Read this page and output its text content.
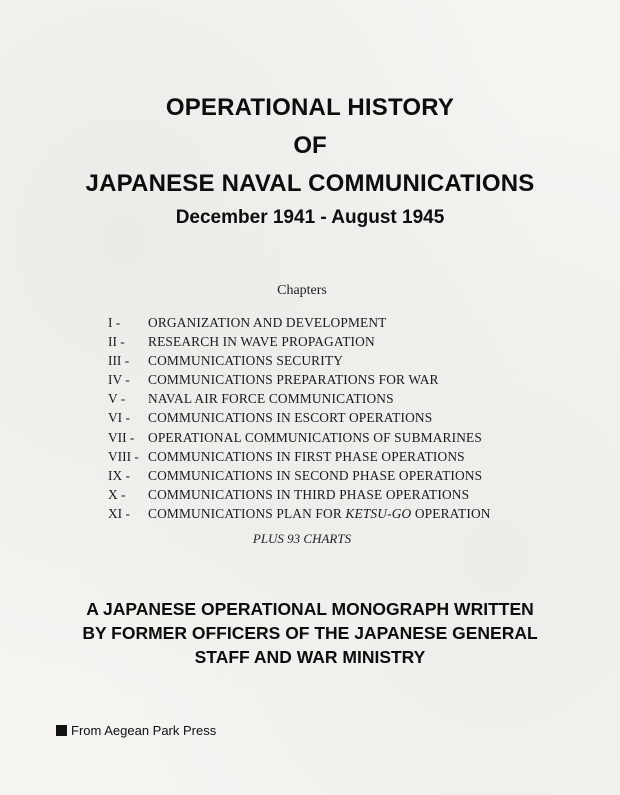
OPERATIONAL HISTORY
OF
JAPANESE NAVAL COMMUNICATIONS
December 1941 - August 1945
Chapters
I -	ORGANIZATION AND DEVELOPMENT
II -	RESEARCH IN WAVE PROPAGATION
III -	COMMUNICATIONS SECURITY
IV -	COMMUNICATIONS PREPARATIONS FOR WAR
V -	NAVAL AIR FORCE COMMUNICATIONS
VI -	COMMUNICATIONS IN ESCORT OPERATIONS
VII -	OPERATIONAL COMMUNICATIONS OF SUBMARINES
VIII - COMMUNICATIONS IN FIRST PHASE OPERATIONS
IX -	COMMUNICATIONS IN SECOND PHASE OPERATIONS
X -	COMMUNICATIONS IN THIRD PHASE OPERATIONS
XI -	COMMUNICATIONS PLAN FOR KETSU-GO OPERATION
PLUS 93 CHARTS
A JAPANESE OPERATIONAL MONOGRAPH WRITTEN
BY FORMER OFFICERS OF THE JAPANESE GENERAL
STAFF AND WAR MINISTRY
From Aegean Park Press
